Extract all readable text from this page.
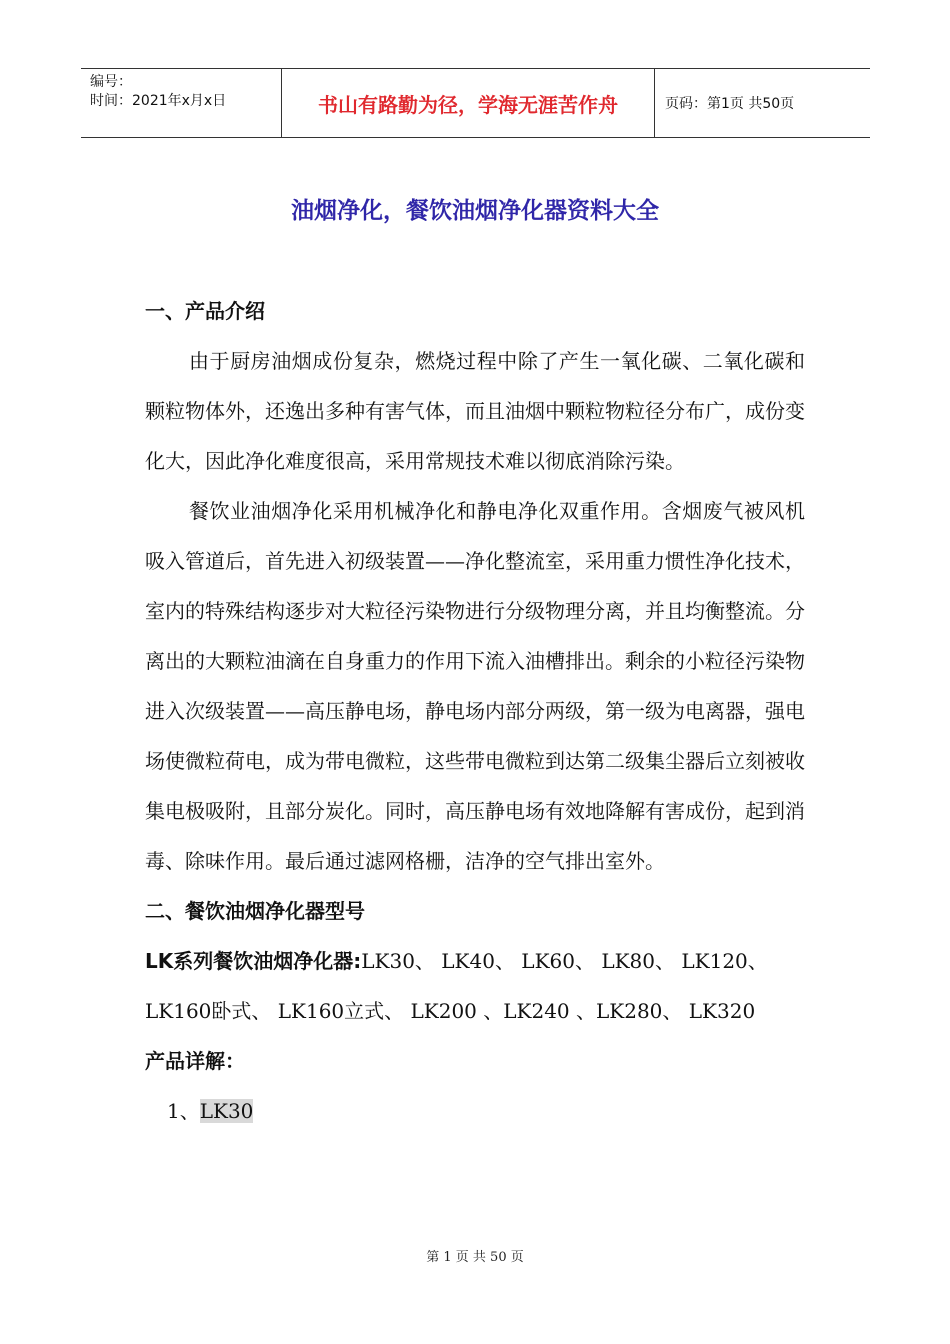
编号：
时间：2021年x月x日	书山有路勤为径，学海无涯苦作舟	页码：第1页 共50页
油烟净化，餐饮油烟净化器资料大全
一、产品介绍

由于厨房油烟成份复杂，燃烧过程中除了产生一氧化碳、二氧化碳和颗粒物体外，还逸出多种有害气体，而且油烟中颗粒物粒径分布广，成份变化大，因此净化难度很高，采用常规技术难以彻底消除污染。

餐饮业油烟净化采用机械净化和静电净化双重作用。含烟废气被风机吸入管道后，首先进入初级装置——净化整流室，采用重力惯性净化技术，室内的特殊结构逐步对大粒径污染物进行分级物理分离，并且均衡整流。分离出的大颗粒油滴在自身重力的作用下流入油槽排出。剩余的小粒径污染物进入次级装置——高压静电场，静电场内部分两级，第一级为电离器，强电场使微粒荷电，成为带电微粒，这些带电微粒到达第二级集尘器后立刻被收集电极吸附，且部分炭化。同时，高压静电场有效地降解有害成份，起到消毒、除味作用。最后通过滤网格栅，洁净的空气排出室外。

二、餐饮油烟净化器型号
LK系列餐饮油烟净化器:LK30、 LK40、 LK60、 LK80、 LK120、
LK160卧式、 LK160立式、 LK200 、LK240 、LK280、 LK320
产品详解：
1、LK30
第 1 页 共 50 页
